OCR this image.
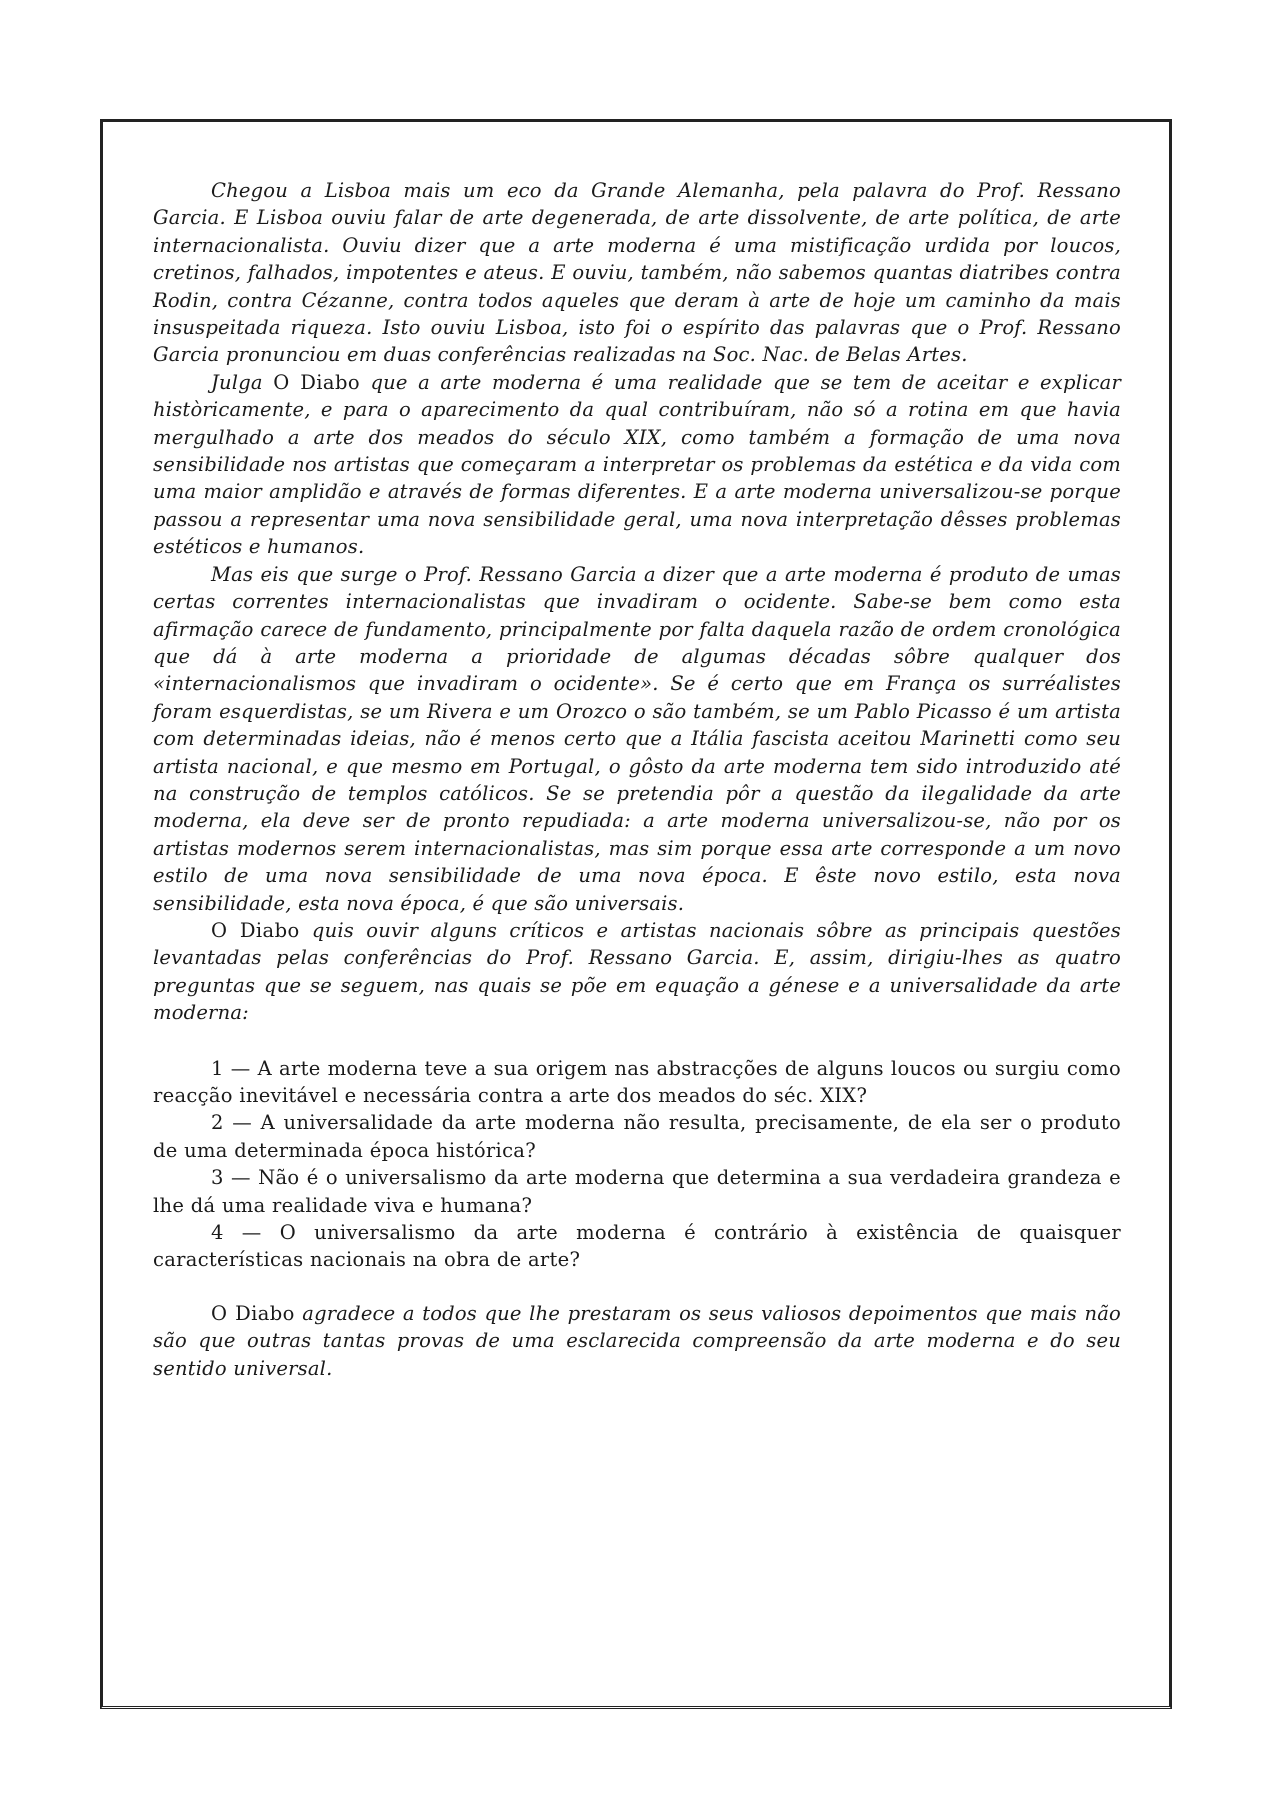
Chegou a Lisboa mais um eco da Grande Alemanha, pela palavra do Prof. Ressano Garcia. E Lisboa ouviu falar de arte degenerada, de arte dissolvente, de arte política, de arte internacionalista. Ouviu dizer que a arte moderna é uma mistificação urdida por loucos, cretinos, falhados, impotentes e ateus. E ouviu, também, não sabemos quantas diatribes contra Rodin, contra Cézanne, contra todos aqueles que deram à arte de hoje um caminho da mais insuspeitada riqueza. Isto ouviu Lisboa, isto foi o espírito das palavras que o Prof. Ressano Garcia pronunciou em duas conferências realizadas na Soc. Nac. de Belas Artes.

Julga O Diabo que a arte moderna é uma realidade que se tem de aceitar e explicar històricamente, e para o aparecimento da qual contribuíram, não só a rotina em que havia mergulhado a arte dos meados do século XIX, como também a formação de uma nova sensibilidade nos artistas que começaram a interpretar os problemas da estética e da vida com uma maior amplidão e através de formas diferentes. E a arte moderna universalizou-se porque passou a representar uma nova sensibilidade geral, uma nova interpretação dêsses problemas estéticos e humanos.

Mas eis que surge o Prof. Ressano Garcia a dizer que a arte moderna é produto de umas certas correntes internacionalistas que invadiram o ocidente. Sabe-se bem como esta afirmação carece de fundamento, principalmente por falta daquela razão de ordem cronológica que dá à arte moderna a prioridade de algumas décadas sôbre qualquer dos «internacionalismos que invadiram o ocidente». Se é certo que em França os surréalistes foram esquerdistas, se um Rivera e um Orozco o são também, se um Pablo Picasso é um artista com determinadas ideias, não é menos certo que a Itália fascista aceitou Marinetti como seu artista nacional, e que mesmo em Portugal, o gôsto da arte moderna tem sido introduzido até na construção de templos católicos. Se se pretendia pôr a questão da ilegalidade da arte moderna, ela deve ser de pronto repudiada: a arte moderna universalizou-se, não por os artistas modernos serem internacionalistas, mas sim porque essa arte corresponde a um novo estilo de uma nova sensibilidade de uma nova época. E êste novo estilo, esta nova sensibilidade, esta nova época, é que são universais.

O Diabo quis ouvir alguns críticos e artistas nacionais sôbre as principais questões levantadas pelas conferências do Prof. Ressano Garcia. E, assim, dirigiu-lhes as quatro preguntas que se seguem, nas quais se põe em equação a génese e a universalidade da arte moderna:

1 — A arte moderna teve a sua origem nas abstracções de alguns loucos ou surgiu como reacção inevitável e necessária contra a arte dos meados do séc. XIX?

2 — A universalidade da arte moderna não resulta, precisamente, de ela ser o produto de uma determinada época histórica?

3 — Não é o universalismo da arte moderna que determina a sua verdadeira grandeza e lhe dá uma realidade viva e humana?

4 — O universalismo da arte moderna é contrário à existência de quaisquer características nacionais na obra de arte?

O Diabo agradece a todos que lhe prestaram os seus valiosos depoimentos que mais não são que outras tantas provas de uma esclarecida compreensão da arte moderna e do seu sentido universal.
